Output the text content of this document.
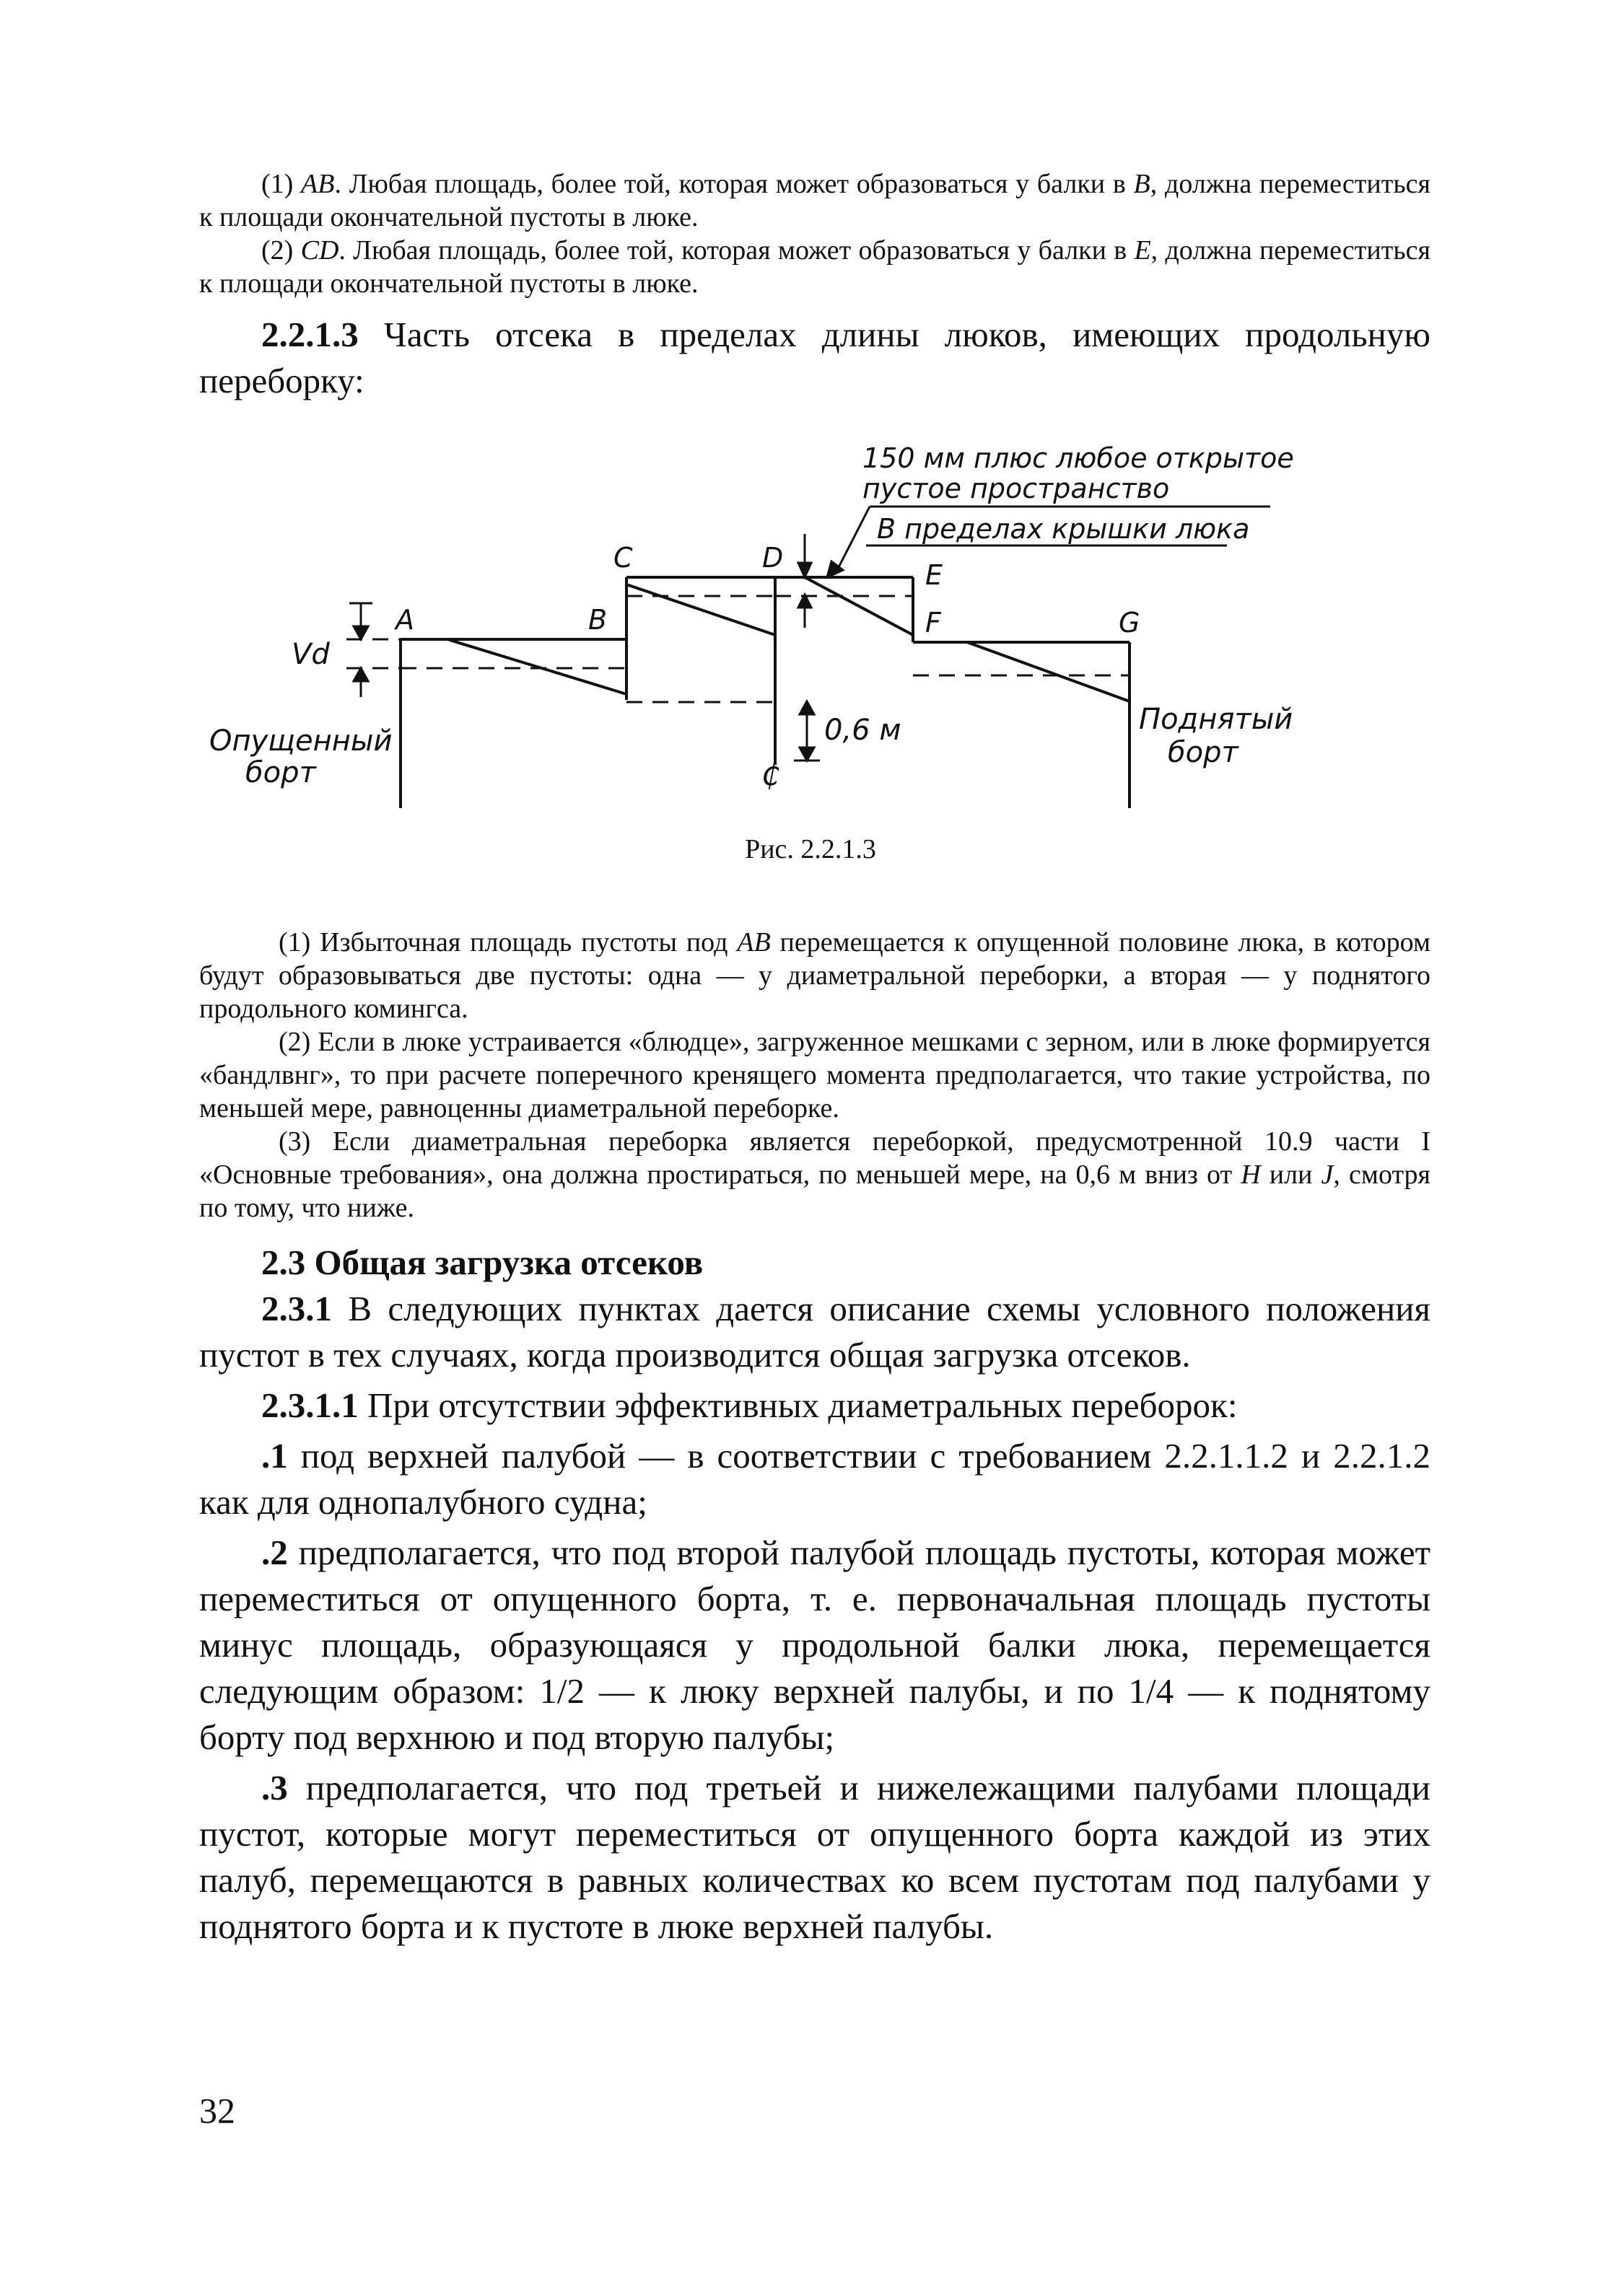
(1) AB. Любая площадь, более той, которая может образоваться у балки в B, должна переместиться к площади окончательной пустоты в люке.

(2) CD. Любая площадь, более той, которая может образоваться у балки в E, должна переместиться к площади окончательной пустоты в люке.

2.2.1.3 Часть отсека в пределах длины люков, имеющих продольную переборку:

150 мм плюс любое открытое
пустое пространство
В пределах крышки люка
A	B
C	D
E
F	G
Vd
0,6 м
₵
Опущенный
борт
Поднятый
борт
Рис. 2.2.1.3

(1) Избыточная площадь пустоты под AB перемещается к опущенной половине люка, в котором будут образовываться две пустоты: одна — у диаметральной переборки, а вторая — у поднятого продольного комингса.

(2) Если в люке устраивается «блюдце», загруженное мешками с зерном, или в люке формируется «бандлвнг», то при расчете поперечного кренящего момента предполагается, что такие устройства, по меньшей мере, равноценны диаметральной переборке.

(3) Если диаметральная переборка является переборкой, предусмотренной 10.9 части I «Основные требования», она должна простираться, по меньшей мере, на 0,6 м вниз от H или J, смотря по тому, что ниже.

2.3 Общая загрузка отсеков

2.3.1 В следующих пунктах дается описание схемы условного положения пустот в тех случаях, когда производится общая загрузка отсеков.

2.3.1.1 При отсутствии эффективных диаметральных переборок:

.1 под верхней палубой — в соответствии с требованием 2.2.1.1.2 и 2.2.1.2 как для однопалубного судна;

.2 предполагается, что под второй палубой площадь пустоты, которая может переместиться от опущенного борта, т. е. первоначальная площадь пустоты минус площадь, образующаяся у продольной балки люка, перемещается следующим образом: 1/2 — к люку верхней палубы, и по 1/4 — к поднятому борту под верхнюю и под вторую палубы;

.3 предполагается, что под третьей и нижележащими палубами площади пустот, которые могут переместиться от опущенного борта каждой из этих палуб, перемещаются в равных количествах ко всем пустотам под палубами у поднятого борта и к пустоте в люке верхней палубы.

32
